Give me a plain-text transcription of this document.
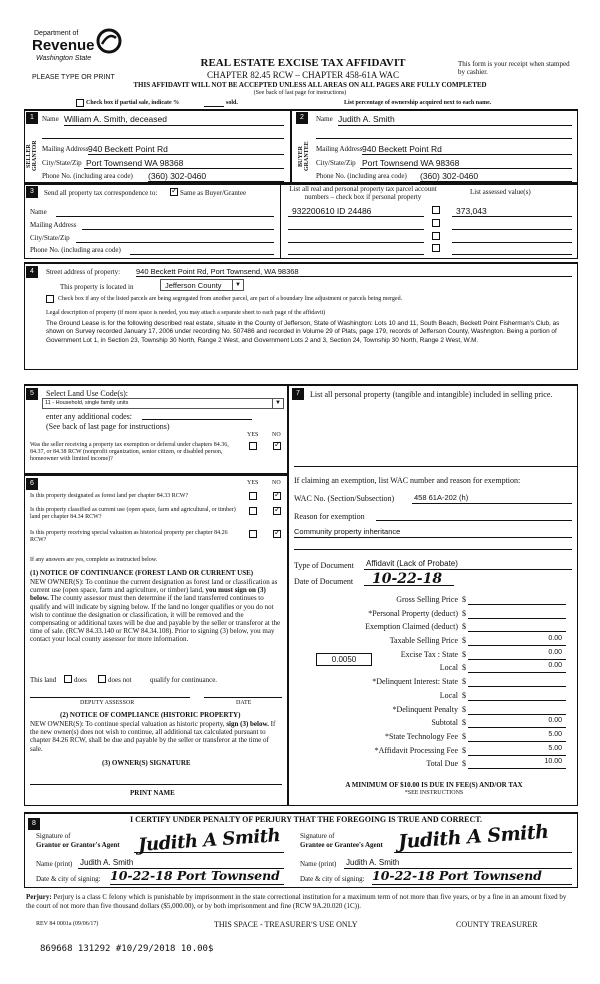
Department of
Revenue
Washington State
PLEASE TYPE OR PRINT
REAL ESTATE EXCISE TAX AFFIDAVIT
CHAPTER 82.45 RCW – CHAPTER 458-61A WAC
THIS AFFIDAVIT WILL NOT BE ACCEPTED UNLESS ALL AREAS ON ALL PAGES ARE FULLY COMPLETED
(See back of last page for instructions)
This form is your receipt when stamped by cashier.
Check box if partial sale, indicate %	sold.	List percentage of ownership acquired next to each name.
1
SELLER GRANTOR
Name William A. Smith, deceased
Mailing Address 940 Beckett Point Rd
City/State/Zip Port Townsend WA 98368
Phone No. (including area code) (360) 302-0460
2
BUYER GRANTEE
Name Judith A. Smith
Mailing Address 940 Beckett Point Rd
City/State/Zip Port Townsend WA 98368
Phone No. (including area code) (360) 302-0460
3	Send all property tax correspondence to:
✓	Same as Buyer/Grantee
Name
Mailing Address
City/State/Zip
Phone No. (including area code)
List all real and personal property tax parcel account numbers – check box if personal property
List assessed value(s)
932200610 ID 24486	373,043
4	Street address of property: 940 Beckett Point Rd, Port Townsend, WA 98368
This property is located in	Jefferson County	▼
Check box if any of the listed parcels are being segregated from another parcel, are part of a boundary line adjustment or parcels being merged.
Legal description of property (if more space is needed, you may attach a separate sheet to each page of the affidavit)
The Ground Lease is for the following described real estate, situate in the County of Jefferson, State of Washington: Lots 10 and 11, South Beach, Beckett Point Fisherman's Club, as shown on Survey recorded January 17, 2006 under recording No. 507486 and recorded in Volume 29 of Plats, page 179, records of Jefferson County, Washngton. Being a portion of Government Lot 1, in Section 23, Township 30 North, Range 2 West, and Government Lots 2 and 3, Section 24, Township 30 North, Range 2 West, W.M.
5	Select Land Use Code(s):
11 - Household, single family units	▼
enter any additional codes:
(See back of last page for instructions)
YES NO
Was the seller receiving a property tax exemption or deferral under chapters 84.36, 84.37, or 84.38 RCW (nonprofit organization, senior citizen, or disabled person, homeowner with limited income)?
✓
6	YES NO
Is this property designated as forest land per chapter 84.33 RCW?
✓
Is this property classified as current use (open space, farm and agricultural, or timber) land per chapter 84.34 RCW?
✓
Is this property receiving special valuation as historical property per chapter 84.26 RCW?
✓
If any answers are yes, complete as instructed below.
(1) NOTICE OF CONTINUANCE (FOREST LAND OR CURRENT USE)
NEW OWNER(S): To continue the current designation as forest land or classification as current use (open space, farm and agriculture, or timber) land, you must sign on (3) below. The county assessor must then determine if the land transferred continues to qualify and will indicate by signing below. If the land no longer qualifies or you do not wish to continue the designation or classification, it will be removed and the compensating or additional taxes will be due and payable by the seller or transferor at the time of sale. (RCW 84.33.140 or RCW 84.34.108). Prior to signing (3) below, you may contact your local county assessor for more information.
This land	does	does not	qualify for continuance.
DEPUTY ASSESSOR	DATE
(2) NOTICE OF COMPLIANCE (HISTORIC PROPERTY)
NEW OWNER(S): To continue special valuation as historic property, sign (3) below. If the new owner(s) does not wish to continue, all additional tax calculated pursuant to chapter 84.26 RCW, shall be due and payable by the seller or transferor at the time of sale.
(3) OWNER(S) SIGNATURE
PRINT NAME
7	List all personal property (tangible and intangible) included in selling price.
If claiming an exemption, list WAC number and reason for exemption:
WAC No. (Section/Subsection)	458 61A-202 (h)
Reason for exemption
Community property inheritance
Type of Document Affidavit (Lack of Probate)
Date of Document 10-22-18
Gross Selling Price $
*Personal Property (deduct) $
Exemption Claimed (deduct) $
Taxable Selling Price $	0.00
Excise Tax : State $	0.00
Local $	0.00
*Delinquent Interest: State $
Local $
*Delinquent Penalty $
Subtotal $	0.00
*State Technology Fee $	5.00
*Affidavit Processing Fee $	5.00
Total Due $	10.00
0.0050
A MINIMUM OF $10.00 IS DUE IN FEE(S) AND/OR TAX
*SEE INSTRUCTIONS
8	I CERTIFY UNDER PENALTY OF PERJURY THAT THE FOREGOING IS TRUE AND CORRECT.
Signature of
Grantor or Grantor's Agent Judith A Smith
Name (print) Judith A. Smith
Date & city of signing: 10-22-18 Port Townsend
Signature of
Grantee or Grantee's Agent Judith A Smith
Name (print) Judith A. Smith
Date & city of signing: 10-22-18 Port Townsend
Perjury: Perjury is a class C felony which is punishable by imprisonment in the state correctional institution for a maximum term of not more than five years, or by a fine in an amount fixed by the court of not more than five thousand dollars ($5,000.00), or by both imprisonment and fine (RCW 9A.20.020 (1C)).
REV 84 0001a (09/06/17)	THIS SPACE - TREASURER'S USE ONLY	COUNTY TREASURER
869668 131292 #10/29/2018 10.00$
